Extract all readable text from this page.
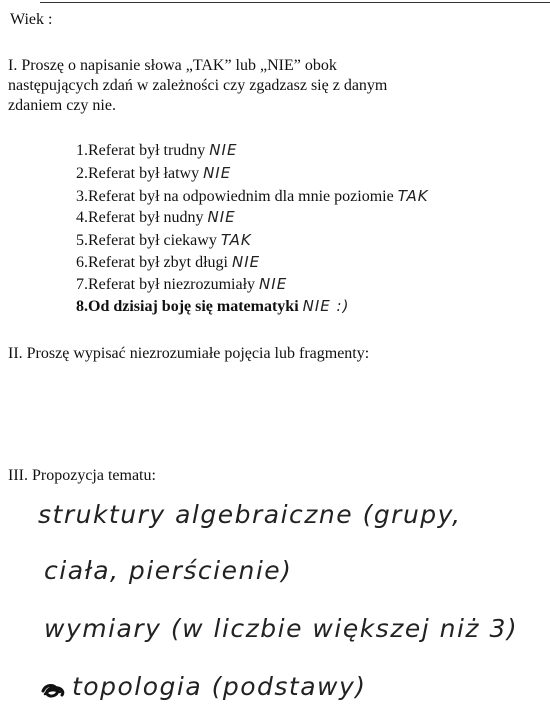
Wiek :
I. Proszę o napisanie słowa „TAK” lub „NIE” obok
następujących zdań w zależności czy zgadzasz się z danym
zdaniem czy nie.
1.Referat był trudny NIE
2.Referat był łatwy NIE
3.Referat był na odpowiednim dla mnie poziomie TAK
4.Referat był nudny NIE
5.Referat był ciekawy TAK
6.Referat był zbyt długi NIE
7.Referat był niezrozumiały NIE
8.Od dzisiaj boję się matematyki NIE :)
II. Proszę wypisać niezrozumiałe pojęcia lub fragmenty:
III. Propozycja tematu:
struktury algebraiczne (grupy,
ciała, pierścienie)
wymiary (w liczbie większej niż 3)
topologia (podstawy)
